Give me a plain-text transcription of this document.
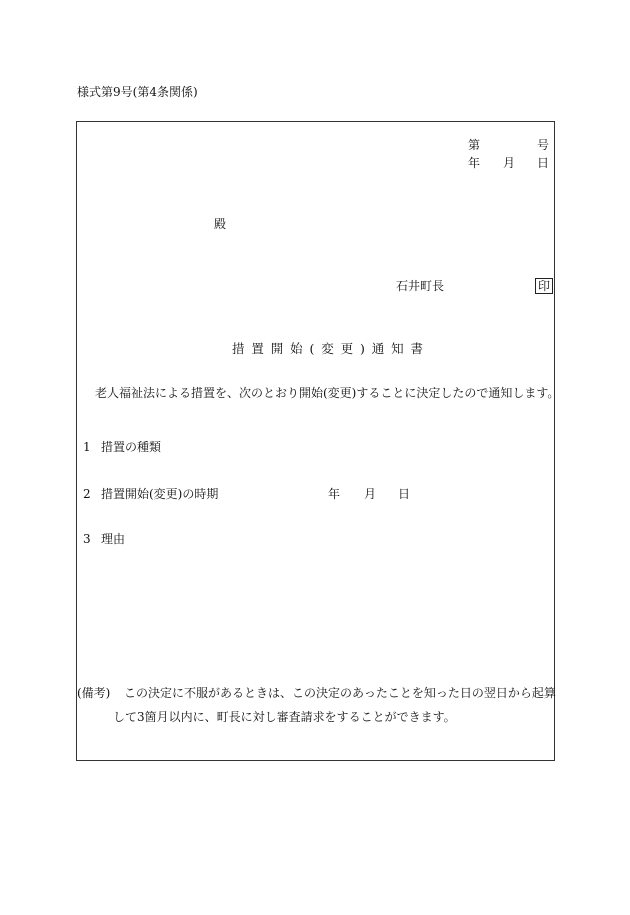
様式第9号(第4条関係)
第	号
年 月 日
殿
石井町長	印
措置開始(変更)通知書
老人福祉法による措置を、次のとおり開始(変更)することに決定したので通知します。
1 措置の種類
2 措置開始(変更)の時期	年 月 日
3 理由
(備考) この決定に不服があるときは、この決定のあったことを知った日の翌日から起算
して3箇月以内に、町長に対し審査請求をすることができます。
